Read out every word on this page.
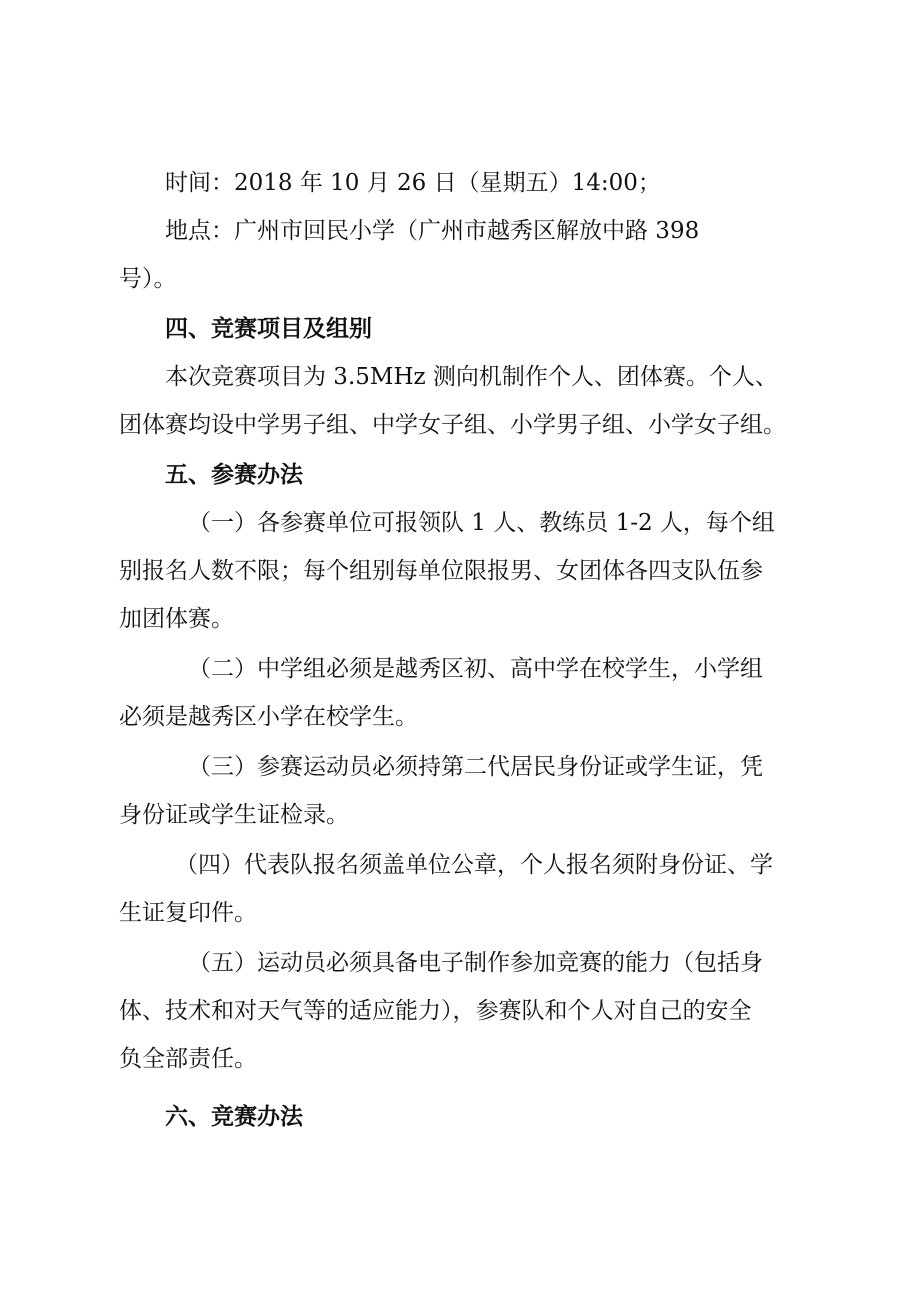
时间：2018 年 10 月 26 日（星期五）14:00；
地点：广州市回民小学（广州市越秀区解放中路 398
号）。
四、竞赛项目及组别
本次竞赛项目为 3.5MHz 测向机制作个人、团体赛。个人、
团体赛均设中学男子组、中学女子组、小学男子组、小学女子组。
五、参赛办法
（一）各参赛单位可报领队 1 人、教练员 1-2 人，每个组
别报名人数不限；每个组别每单位限报男、女团体各四支队伍参
加团体赛。
（二）中学组必须是越秀区初、高中学在校学生，小学组
必须是越秀区小学在校学生。
（三）参赛运动员必须持第二代居民身份证或学生证，凭
身份证或学生证检录。
（四）代表队报名须盖单位公章，个人报名须附身份证、学
生证复印件。
（五）运动员必须具备电子制作参加竞赛的能力（包括身
体、技术和对天气等的适应能力），参赛队和个人对自己的安全
负全部责任。
六、竞赛办法
